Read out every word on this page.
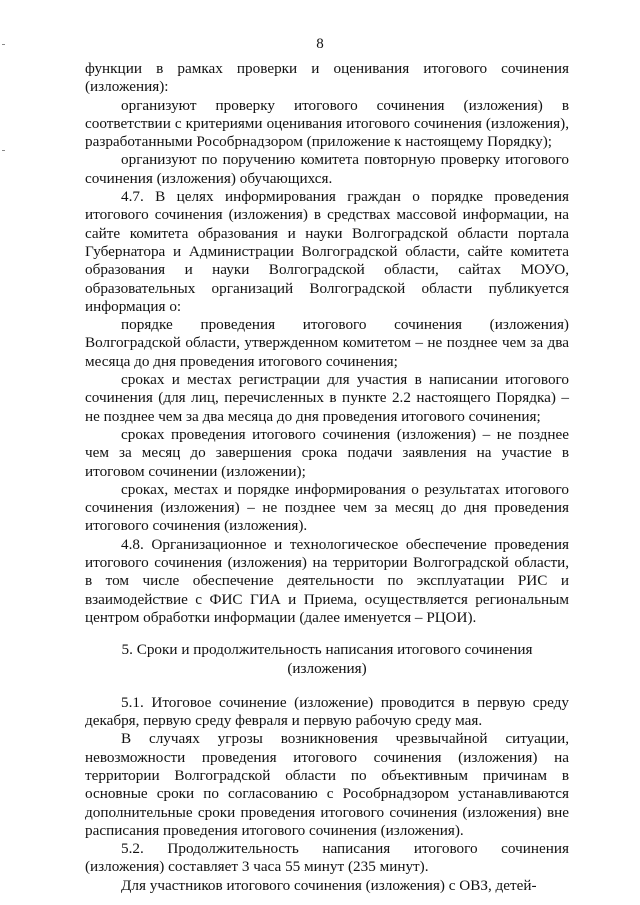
8

функции в рамках проверки и оценивания итогового сочинения (изложения):

организуют проверку итогового сочинения (изложения) в соответствии с критериями оценивания итогового сочинения (изложения), разработанными Рособрнадзором (приложение к настоящему Порядку);

организуют по поручению комитета повторную проверку итогового сочинения (изложения) обучающихся.

4.7. В целях информирования граждан о порядке проведения итогового сочинения (изложения) в средствах массовой информации, на сайте комитета образования и науки Волгоградской области портала Губернатора и Администрации Волгоградской области, сайте комитета образования и науки Волгоградской области, сайтах МОУО, образовательных организаций Волгоградской области публикуется информация о:

порядке проведения итогового сочинения (изложения) Волгоградской области, утвержденном комитетом – не позднее чем за два месяца до дня проведения итогового сочинения;

сроках и местах регистрации для участия в написании итогового сочинения (для лиц, перечисленных в пункте 2.2 настоящего Порядка) – не позднее чем за два месяца до дня проведения итогового сочинения;

сроках проведения итогового сочинения (изложения) – не позднее чем за месяц до завершения срока подачи заявления на участие в итоговом сочинении (изложении);

сроках, местах и порядке информирования о результатах итогового сочинения (изложения) – не позднее чем за месяц до дня проведения итогового сочинения (изложения).

4.8. Организационное и технологическое обеспечение проведения итогового сочинения (изложения) на территории Волгоградской области, в том числе обеспечение деятельности по эксплуатации РИС и взаимодействие с ФИС ГИА и Приема, осуществляется региональным центром обработки информации (далее именуется – РЦОИ).

5. Сроки и продолжительность написания итогового сочинения (изложения)

5.1. Итоговое сочинение (изложение) проводится в первую среду декабря, первую среду февраля и первую рабочую среду мая.

В случаях угрозы возникновения чрезвычайной ситуации, невозможности проведения итогового сочинения (изложения) на территории Волгоградской области по объективным причинам в основные сроки по согласованию с Рособрнадзором устанавливаются дополнительные сроки проведения итогового сочинения (изложения) вне расписания проведения итогового сочинения (изложения).

5.2. Продолжительность написания итогового сочинения (изложения) составляет 3 часа 55 минут (235 минут).

Для участников итогового сочинения (изложения) с ОВЗ, детей-
